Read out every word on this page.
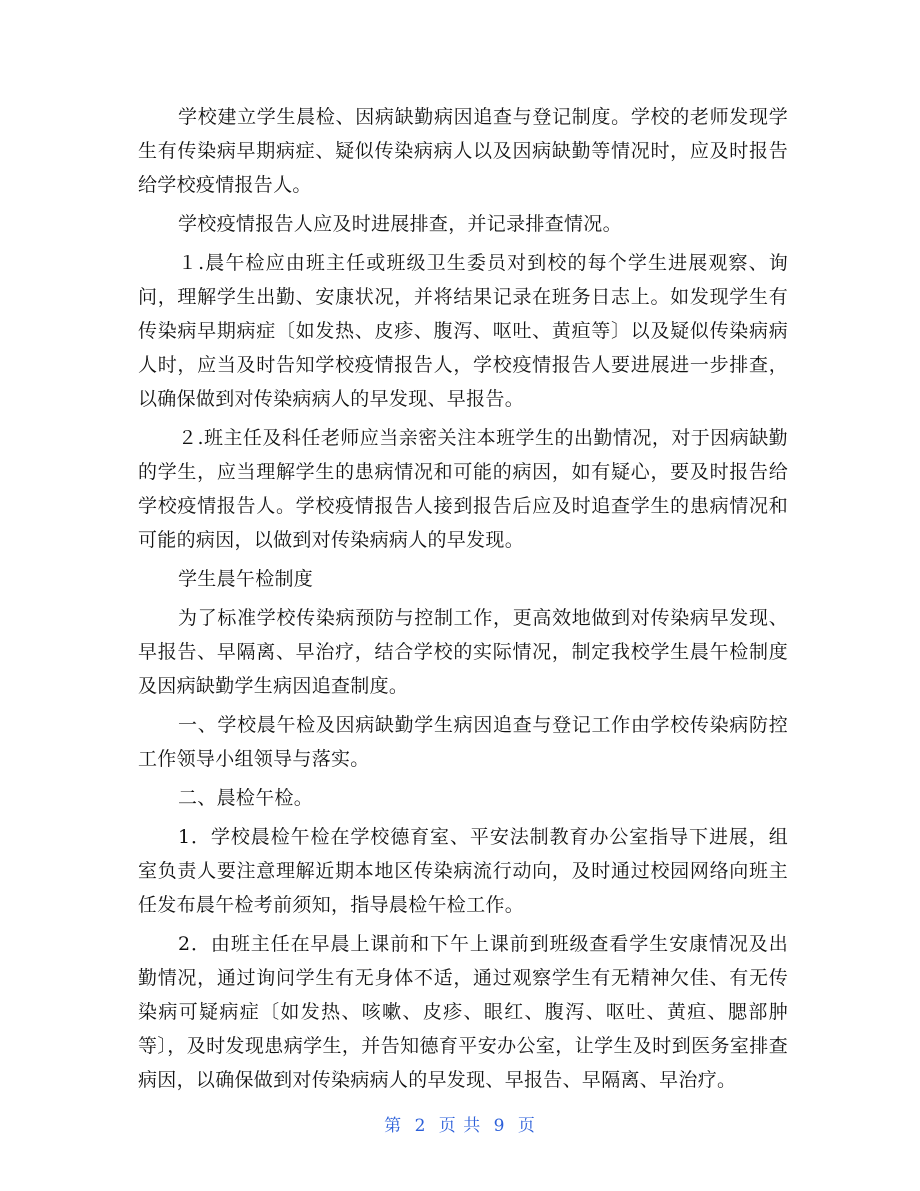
学校建立学生晨检、因病缺勤病因追查与登记制度。学校的老师发现学生有传染病早期病症、疑似传染病病人以及因病缺勤等情况时，应及时报告给学校疫情报告人。

学校疫情报告人应及时进展排查，并记录排查情况。

１.晨午检应由班主任或班级卫生委员对到校的每个学生进展观察、询问，理解学生出勤、安康状况，并将结果记录在班务日志上。如发现学生有传染病早期病症〔如发热、皮疹、腹泻、呕吐、黄疸等〕以及疑似传染病病人时，应当及时告知学校疫情报告人，学校疫情报告人要进展进一步排查，以确保做到对传染病病人的早发现、早报告。

２.班主任及科任老师应当亲密关注本班学生的出勤情况，对于因病缺勤的学生，应当理解学生的患病情况和可能的病因，如有疑心，要及时报告给学校疫情报告人。学校疫情报告人接到报告后应及时追查学生的患病情况和可能的病因，以做到对传染病病人的早发现。

学生晨午检制度

为了标准学校传染病预防与控制工作，更高效地做到对传染病早发现、早报告、早隔离、早治疗，结合学校的实际情况，制定我校学生晨午检制度及因病缺勤学生病因追查制度。

一、学校晨午检及因病缺勤学生病因追查与登记工作由学校传染病防控工作领导小组领导与落实。

二、晨检午检。

1．学校晨检午检在学校德育室、平安法制教育办公室指导下进展，组室负责人要注意理解近期本地区传染病流行动向，及时通过校园网络向班主任发布晨午检考前须知，指导晨检午检工作。

2．由班主任在早晨上课前和下午上课前到班级查看学生安康情况及出勤情况，通过询问学生有无身体不适，通过观察学生有无精神欠佳、有无传染病可疑病症〔如发热、咳嗽、皮疹、眼红、腹泻、呕吐、黄疸、腮部肿等〕，及时发现患病学生，并告知德育平安办公室，让学生及时到医务室排查病因，以确保做到对传染病病人的早发现、早报告、早隔离、早治疗。

第 2 页 共 9 页
